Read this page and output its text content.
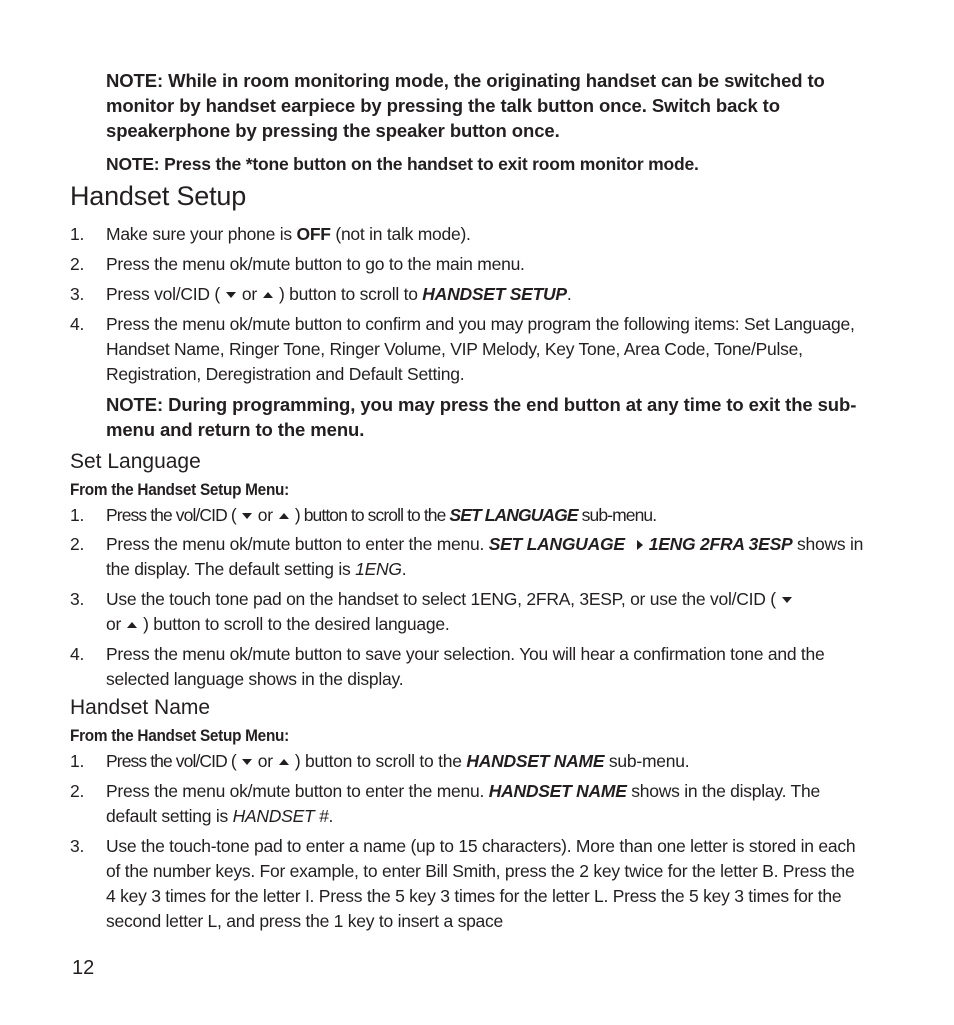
NOTE: While in room monitoring mode, the originating handset can be switched to monitor by handset earpiece by pressing the talk button once. Switch back to speakerphone by pressing the speaker button once.
NOTE: Press the *tone button on the handset to exit room monitor mode.
Handset Setup
1. Make sure your phone is OFF (not in talk mode).
2. Press the menu ok/mute button to go to the main menu.
3. Press vol/CID ( or ) button to scroll to HANDSET SETUP.
4. Press the menu ok/mute button to confirm and you may program the following items: Set Language, Handset Name, Ringer Tone, Ringer Volume, VIP Melody, Key Tone, Area Code, Tone/Pulse, Registration, Deregistration and Default Setting.
NOTE: During programming, you may press the end button at any time to exit the sub-menu and return to the menu.
Set Language
From the Handset Setup Menu:
1. Press the vol/CID ( or ) button to scroll to the SET LANGUAGE sub-menu.
2. Press the menu ok/mute button to enter the menu. SET LANGUAGE 1ENG 2FRA 3ESP shows in the display. The default setting is 1ENG.
3. Use the touch tone pad on the handset to select 1ENG, 2FRA, 3ESP, or use the vol/CID (
or ) button to scroll to the desired language.
4. Press the menu ok/mute button to save your selection. You will hear a confirmation tone and the selected language shows in the display.
Handset Name
From the Handset Setup Menu:
1. Press the vol/CID ( or ) button to scroll to the HANDSET NAME sub-menu.
2. Press the menu ok/mute button to enter the menu. HANDSET NAME shows in the display. The default setting is HANDSET #.
3. Use the touch-tone pad to enter a name (up to 15 characters). More than one letter is stored in each of the number keys. For example, to enter Bill Smith, press the 2 key twice for the letter B. Press the 4 key 3 times for the letter I. Press the 5 key 3 times for the letter L. Press the 5 key 3 times for the second letter L, and press the 1 key to insert a space
12
